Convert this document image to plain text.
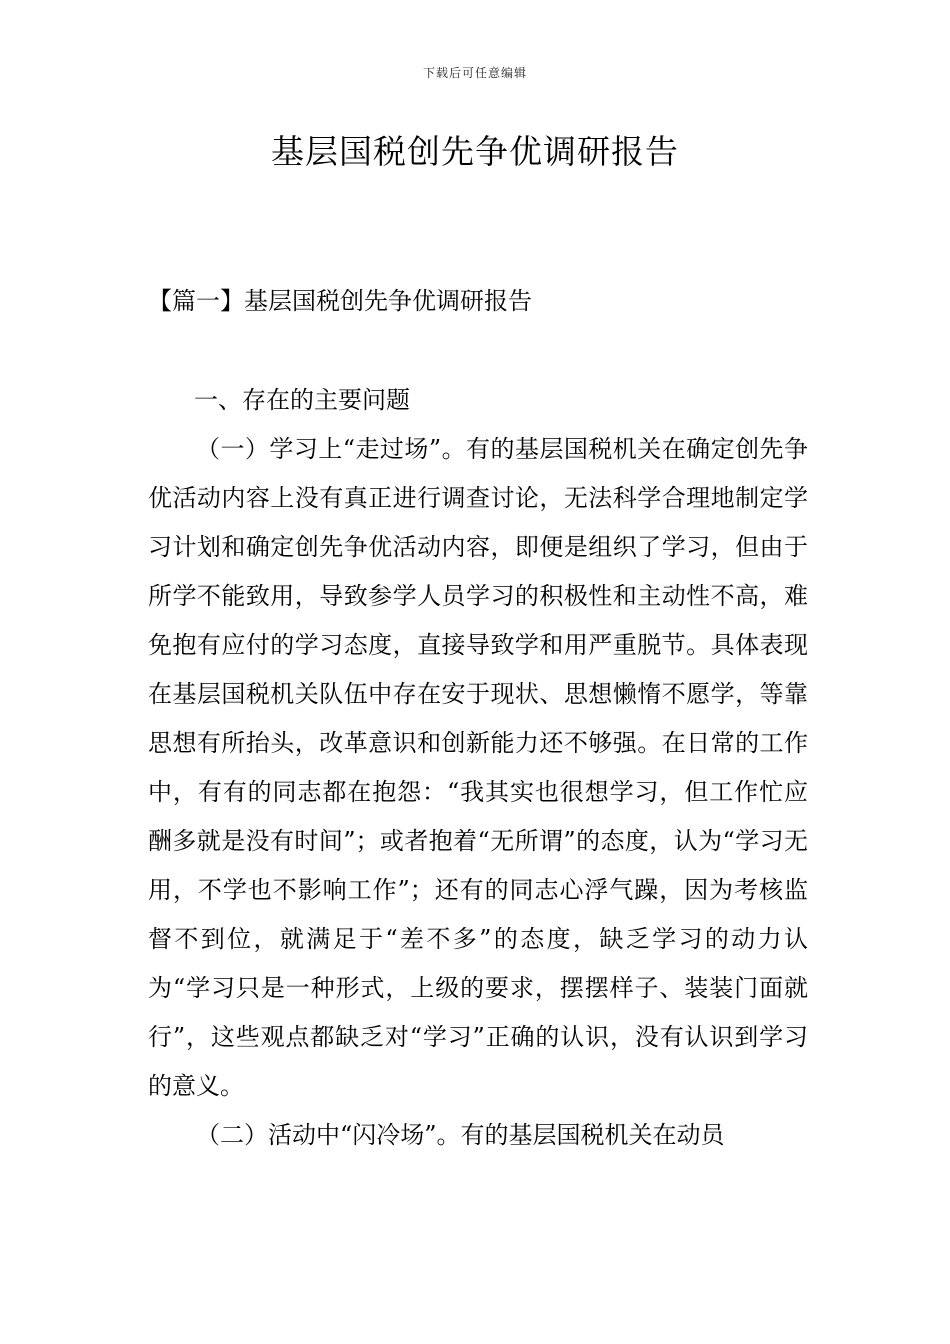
下载后可任意编辑
基层国税创先争优调研报告
【篇一】基层国税创先争优调研报告
一、存在的主要问题

（一）学习上“走过场”。有的基层国税机关在确定创先争优活动内容上没有真正进行调查讨论，无法科学合理地制定学习计划和确定创先争优活动内容，即便是组织了学习，但由于所学不能致用，导致参学人员学习的积极性和主动性不高，难免抱有应付的学习态度，直接导致学和用严重脱节。具体表现在基层国税机关队伍中存在安于现状、思想懒惰不愿学，等靠思想有所抬头，改革意识和创新能力还不够强。在日常的工作中，有有的同志都在抱怨：“我其实也很想学习，但工作忙应酬多就是没有时间”；或者抱着“无所谓”的态度，认为“学习无用，不学也不影响工作”；还有的同志心浮气躁，因为考核监督不到位，就满足于“差不多”的态度，缺乏学习的动力认为“学习只是一种形式，上级的要求，摆摆样子、装装门面就行”，这些观点都缺乏对“学习”正确的认识，没有认识到学习的意义。

（二）活动中“闪冷场”。有的基层国税机关在动员
